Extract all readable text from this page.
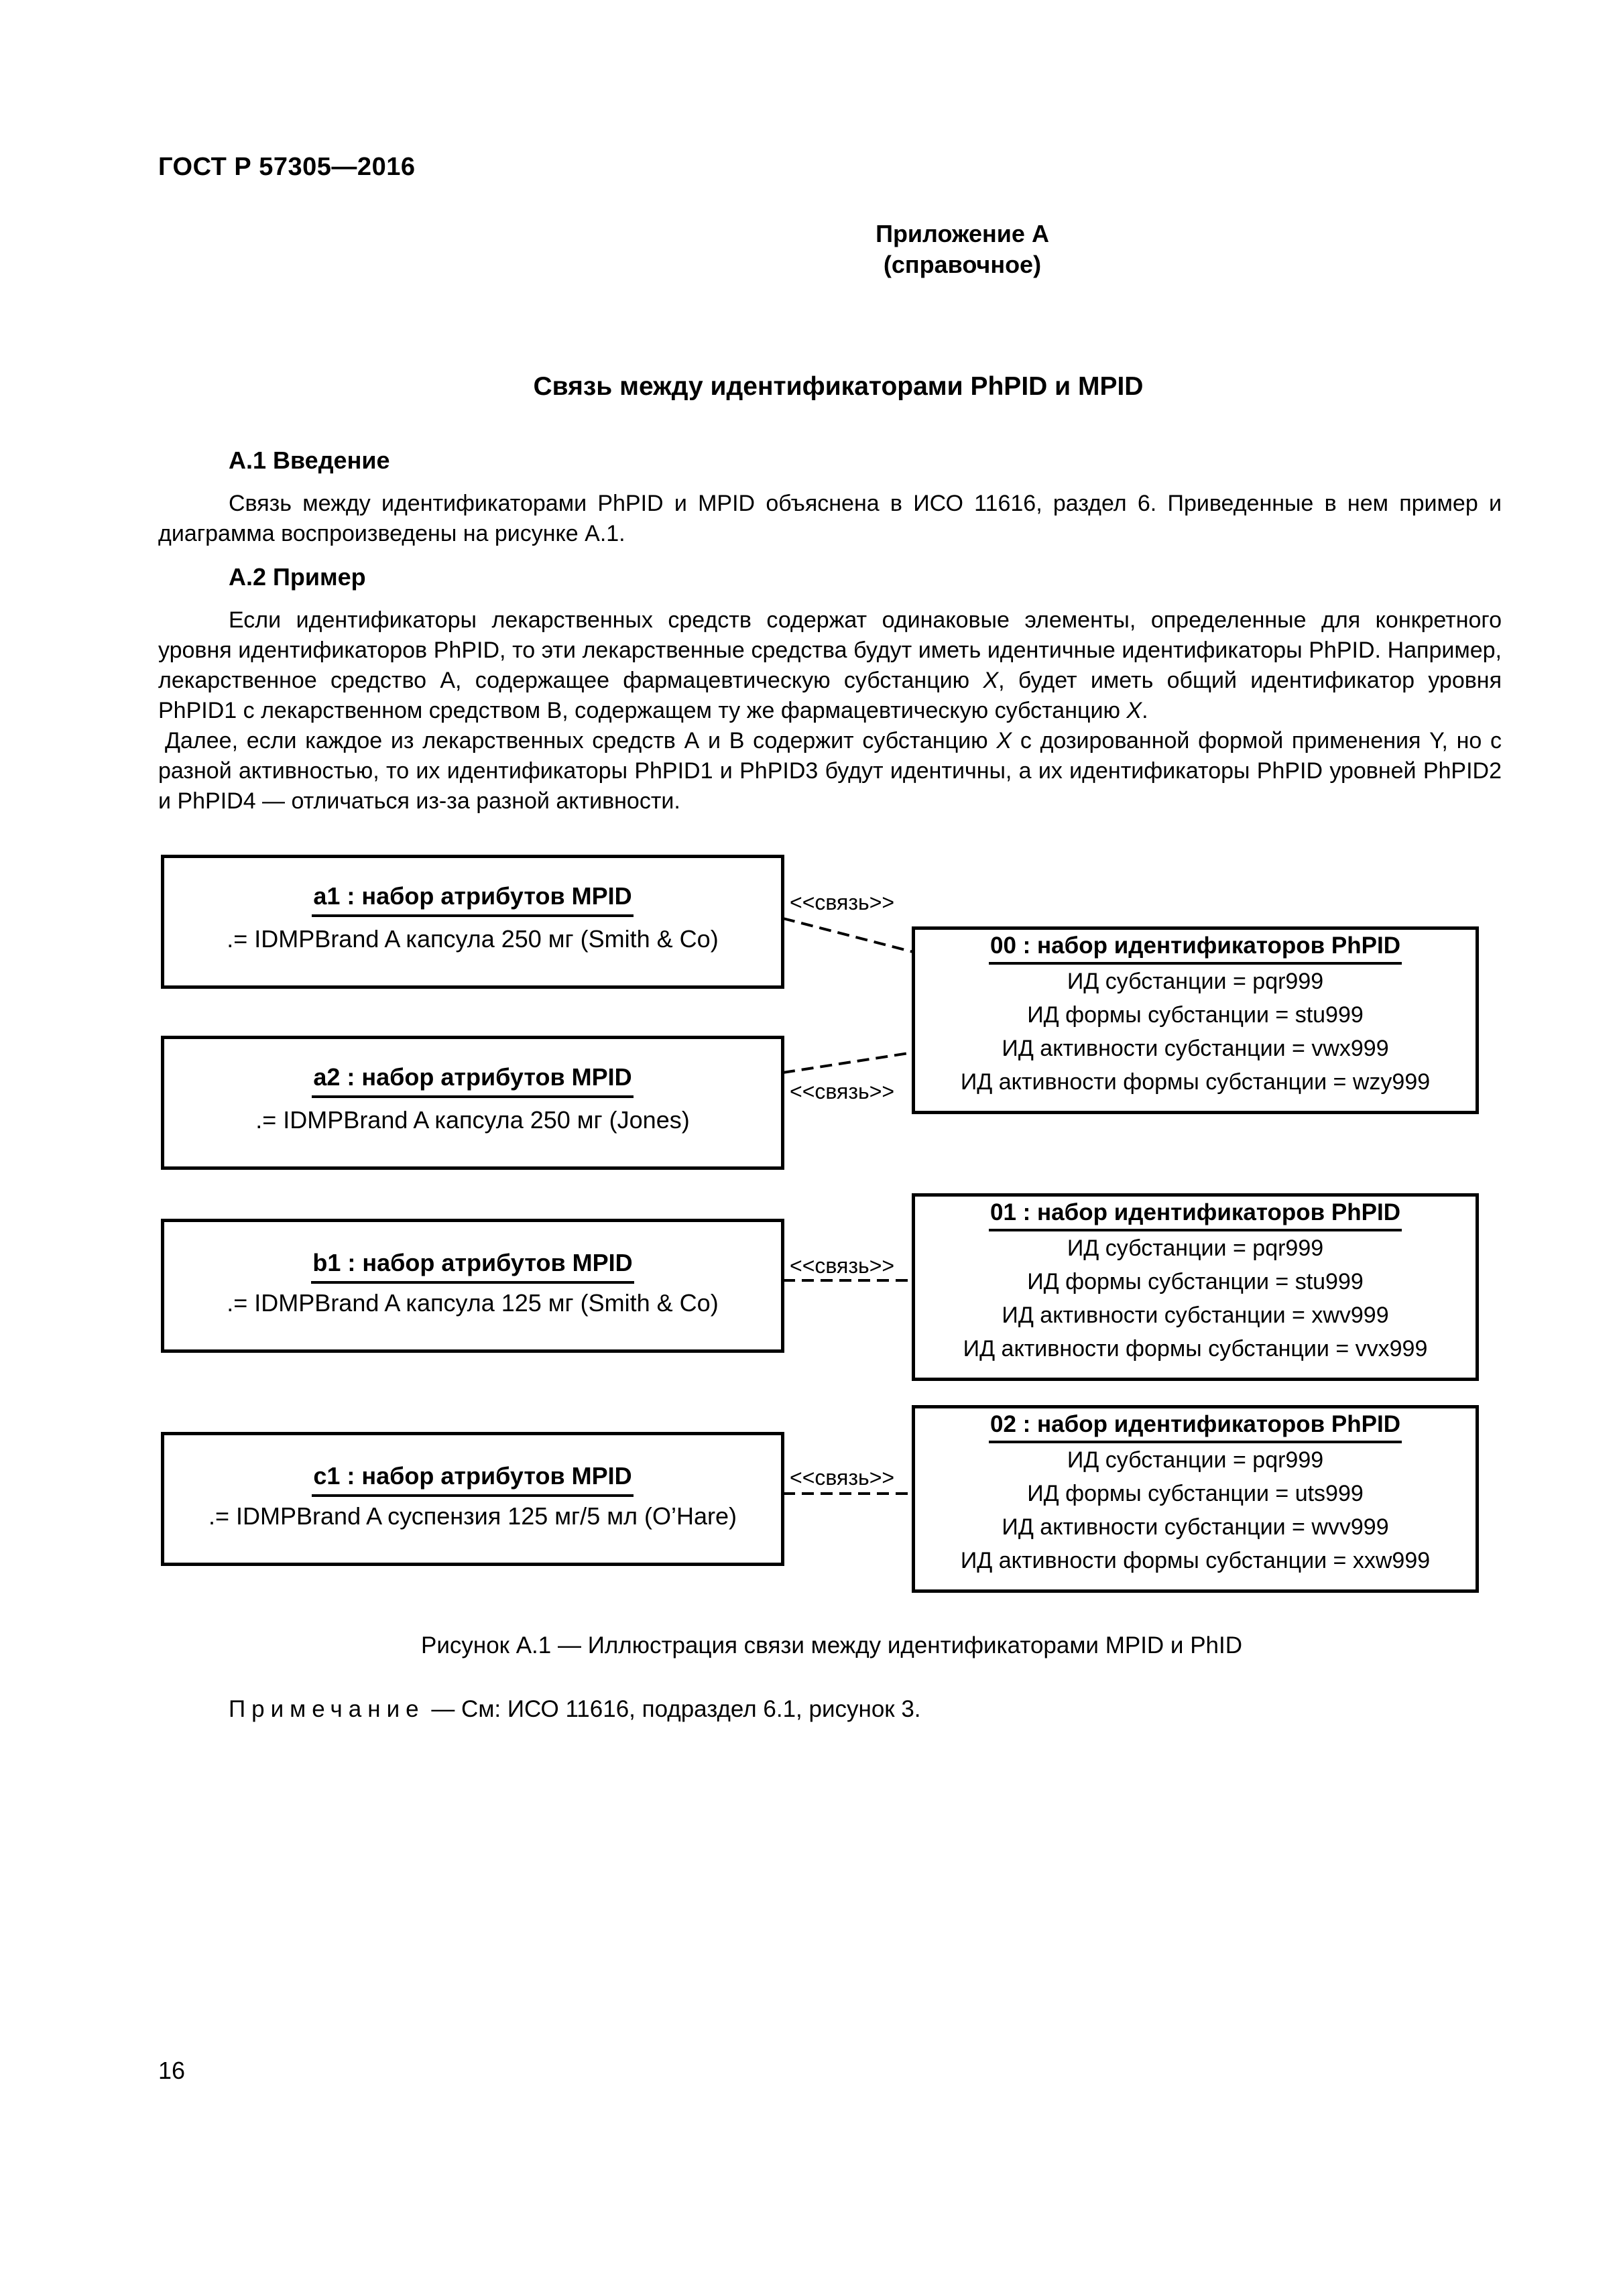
ГОСТ Р 57305—2016
Приложение А
(справочное)
Связь между идентификаторами PhPID и MPID
А.1 Введение

Связь между идентификаторами PhPID и MPID объяснена в ИСО 11616, раздел 6. Приведенные в нем пример и диаграмма воспроизведены на рисунке А.1.

А.2 Пример

Если идентификаторы лекарственных средств содержат одинаковые элементы, определенные для конкретного уровня идентификаторов PhPID, то эти лекарственные средства будут иметь идентичные идентификаторы PhPID. Например, лекарственное средство А, содержащее фармацевтическую субстанцию X, будет иметь общий идентификатор уровня PhPID1 с лекарственном средством В, содержащем ту же фармацевтическую субстанцию X.

Далее, если каждое из лекарственных средств А и В содержит субстанцию X с дозированной формой применения Y, но с разной активностью, то их идентификаторы PhPID1 и PhPID3 будут идентичны, а их идентификаторы PhPID уровней PhPID2 и PhPID4 — отличаться из-за разной активности.

<<связь>>
<<связь>>
<<связь>>
<<связь>>
a1 : набор атрибутов MPID
.= IDMPBrand A капсула 250 мг (Smith & Co)
a2 : набор атрибутов MPID
.= IDMPBrand A капсула 250 мг (Jones)
b1 : набор атрибутов MPID
.= IDMPBrand A капсула 125 мг (Smith & Co)
c1 : набор атрибутов MPID
.= IDMPBrand A суспензия 125 мг/5 мл (O’Hare)
00 : набор идентификаторов PhPID
ИД субстанции = pqr999
ИД формы субстанции = stu999
ИД активности субстанции = vwx999
ИД активности формы субстанции = wzy999
01 : набор идентификаторов PhPID
ИД субстанции = pqr999
ИД формы субстанции = stu999
ИД активности субстанции = xwv999
ИД активности формы субстанции = vvx999
02 : набор идентификаторов PhPID
ИД субстанции = pqr999
ИД формы субстанции = uts999
ИД активности субстанции = wvv999
ИД активности формы субстанции = xxw999
Рисунок А.1 — Иллюстрация связи между идентификаторами MPID и PhID
Примечание — См: ИСО 11616, подраздел 6.1, рисунок 3.
16
